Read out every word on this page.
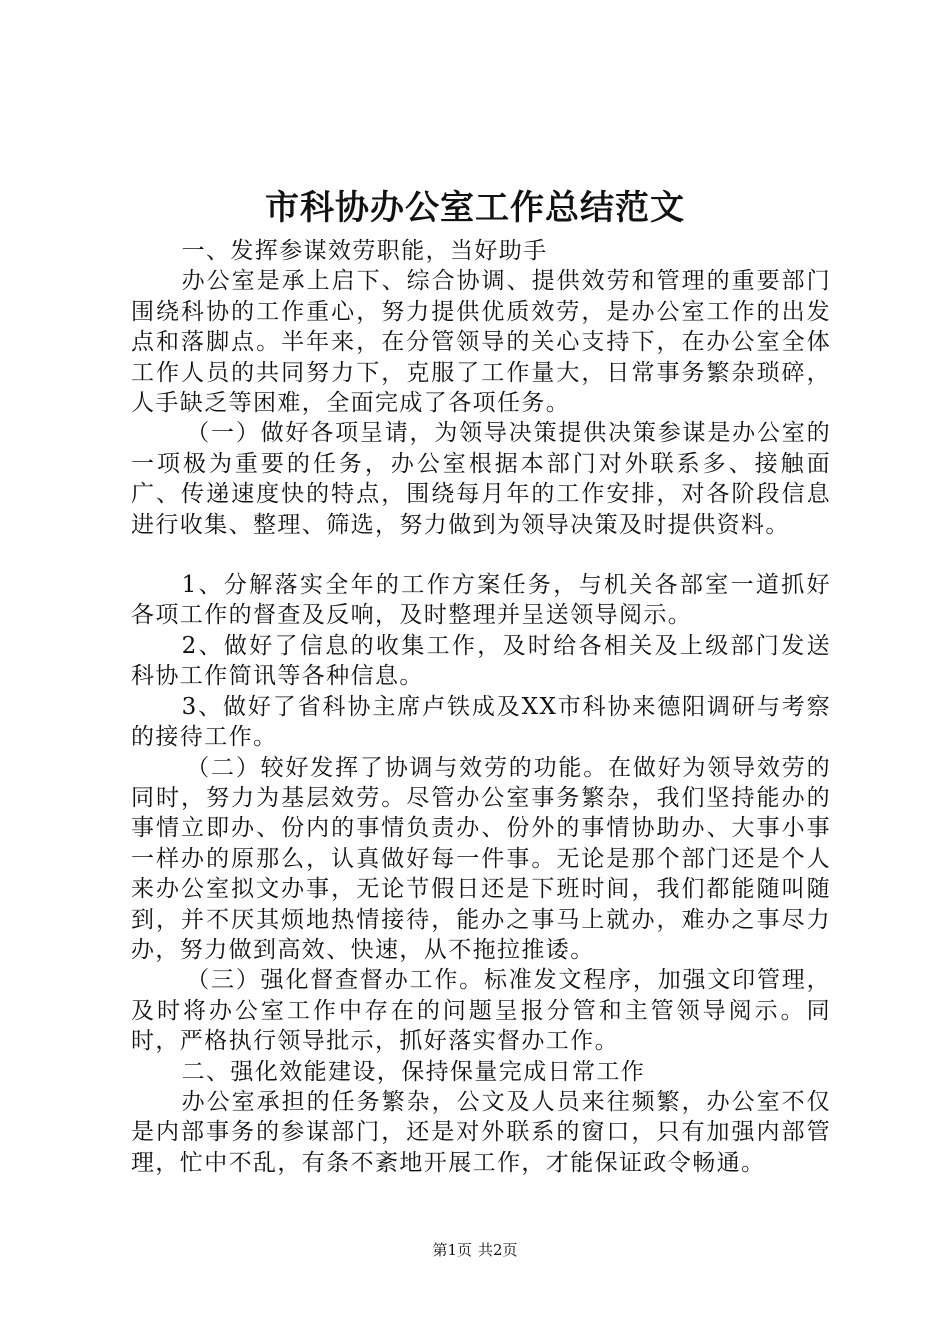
市科协办公室工作总结范文

一、发挥参谋效劳职能，当好助手

办公室是承上启下、综合协调、提供效劳和管理的重要部门围绕科协的工作重心，努力提供优质效劳，是办公室工作的出发点和落脚点。半年来，在分管领导的关心支持下，在办公室全体工作人员的共同努力下，克服了工作量大，日常事务繁杂琐碎，人手缺乏等困难，全面完成了各项任务。

（一）做好各项呈请，为领导决策提供决策参谋是办公室的一项极为重要的任务，办公室根据本部门对外联系多、接触面广、传递速度快的特点，围绕每月年的工作安排，对各阶段信息进行收集、整理、筛选，努力做到为领导决策及时提供资料。

1、分解落实全年的工作方案任务，与机关各部室一道抓好各项工作的督查及反响，及时整理并呈送领导阅示。

2、做好了信息的收集工作，及时给各相关及上级部门发送科协工作简讯等各种信息。

3、做好了省科协主席卢铁成及XX市科协来德阳调研与考察的接待工作。

（二）较好发挥了协调与效劳的功能。在做好为领导效劳的同时，努力为基层效劳。尽管办公室事务繁杂，我们坚持能办的事情立即办、份内的事情负责办、份外的事情协助办、大事小事一样办的原那么，认真做好每一件事。无论是那个部门还是个人来办公室拟文办事，无论节假日还是下班时间，我们都能随叫随到，并不厌其烦地热情接待，能办之事马上就办，难办之事尽力办，努力做到高效、快速，从不拖拉推诿。

（三）强化督查督办工作。标准发文程序，加强文印管理，及时将办公室工作中存在的问题呈报分管和主管领导阅示。同时，严格执行领导批示，抓好落实督办工作。

二、强化效能建设，保持保量完成日常工作

办公室承担的任务繁杂，公文及人员来往频繁，办公室不仅是内部事务的参谋部门，还是对外联系的窗口，只有加强内部管理，忙中不乱，有条不紊地开展工作，才能保证政令畅通。

第1页 共2页
